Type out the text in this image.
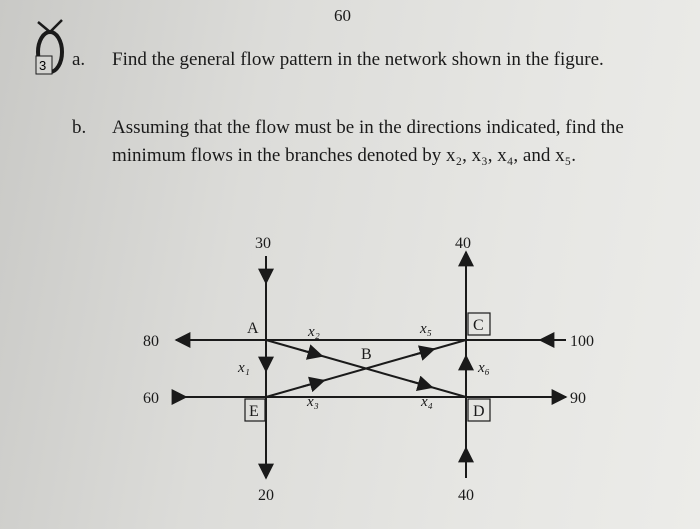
60
3 a. Find the general flow pattern in the network shown in the figure.
b. Assuming that the flow must be in the directions indicated, find the minimum flows in the branches denoted by x₂, x₃, x₄, and x₅.
A
B
C
D
E
30	40
80
60
100
90
20	40
x₁
x₂
x₃	x₄
x₅
x₆
